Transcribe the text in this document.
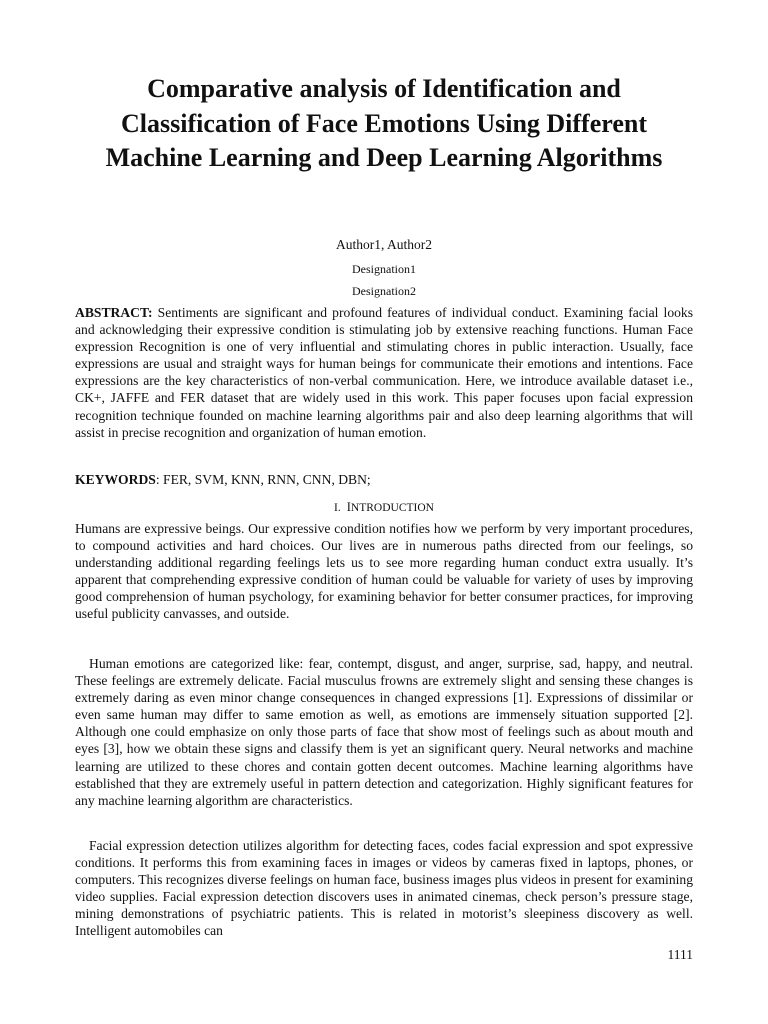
Comparative analysis of Identification and Classification of Face Emotions Using Different Machine Learning and Deep Learning Algorithms
Author1, Author2
Designation1
Designation2

ABSTRACT: Sentiments are significant and profound features of individual conduct. Examining facial looks and acknowledging their expressive condition is stimulating job by extensive reaching functions. Human Face expression Recognition is one of very influential and stimulating chores in public interaction. Usually, face expressions are usual and straight ways for human beings for communicate their emotions and intentions. Face expressions are the key characteristics of non-verbal communication. Here, we introduce available dataset i.e., CK+, JAFFE and FER dataset that are widely used in this work. This paper focuses upon facial expression recognition technique founded on machine learning algorithms pair and also deep learning algorithms that will assist in precise recognition and organization of human emotion.

KEYWORDS: FER, SVM, KNN, RNN, CNN, DBN;

I. INTRODUCTION

Humans are expressive beings. Our expressive condition notifies how we perform by very important procedures, to compound activities and hard choices. Our lives are in numerous paths directed from our feelings, so understanding additional regarding feelings lets us to see more regarding human conduct extra usually. It’s apparent that comprehending expressive condition of human could be valuable for variety of uses by improving good comprehension of human psychology, for examining behavior for better consumer practices, for improving useful publicity canvasses, and outside.

Human emotions are categorized like: fear, contempt, disgust, and anger, surprise, sad, happy, and neutral. These feelings are extremely delicate. Facial musculus frowns are extremely slight and sensing these changes is extremely daring as even minor change consequences in changed expressions [1]. Expressions of dissimilar or even same human may differ to same emotion as well, as emotions are immensely situation supported [2]. Although one could emphasize on only those parts of face that show most of feelings such as about mouth and eyes [3], how we obtain these signs and classify them is yet an significant query. Neural networks and machine learning are utilized to these chores and contain gotten decent outcomes. Machine learning algorithms have established that they are extremely useful in pattern detection and categorization. Highly significant features for any machine learning algorithm are characteristics.

Facial expression detection utilizes algorithm for detecting faces, codes facial expression and spot expressive conditions. It performs this from examining faces in images or videos by cameras fixed in laptops, phones, or computers. This recognizes diverse feelings on human face, business images plus videos in present for examining video supplies. Facial expression detection discovers uses in animated cinemas, check person’s pressure stage, mining demonstrations of psychiatric patients. This is related in motorist’s sleepiness discovery as well. Intelligent automobiles can

1111
